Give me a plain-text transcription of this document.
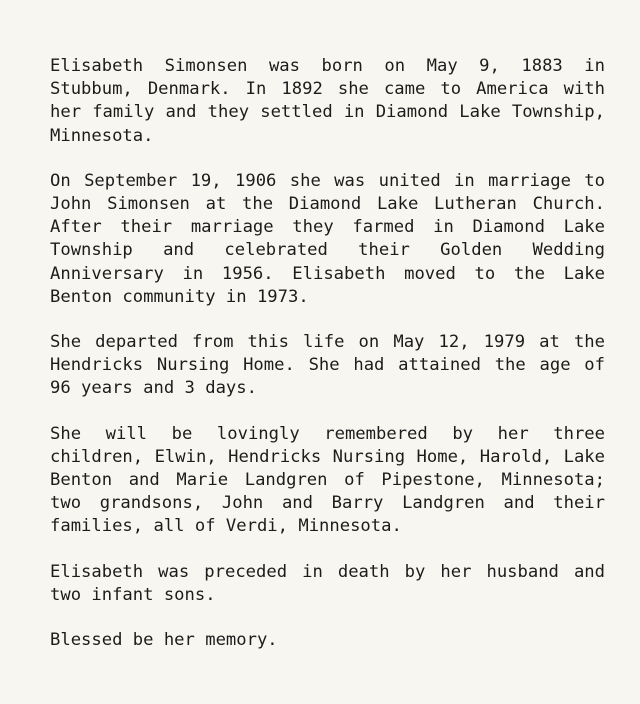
Elisabeth Simonsen was born on May 9, 1883 in Stubbum, Denmark. In 1892 she came to America with her family and they settled in Diamond Lake Township, Minnesota.

On September 19, 1906 she was united in marriage to John Simonsen at the Diamond Lake Lutheran Church. After their marriage they farmed in Diamond Lake Township and celebrated their Golden Wedding Anniversary in 1956. Elisabeth moved to the Lake Benton community in 1973.

She departed from this life on May 12, 1979 at the Hendricks Nursing Home. She had attained the age of 96 years and 3 days.

She will be lovingly remembered by her three children, Elwin, Hendricks Nursing Home, Harold, Lake Benton and Marie Landgren of Pipestone, Minnesota; two grandsons, John and Barry Landgren and their families, all of Verdi, Minnesota.

Elisabeth was preceded in death by her husband and two infant sons.

Blessed be her memory.
